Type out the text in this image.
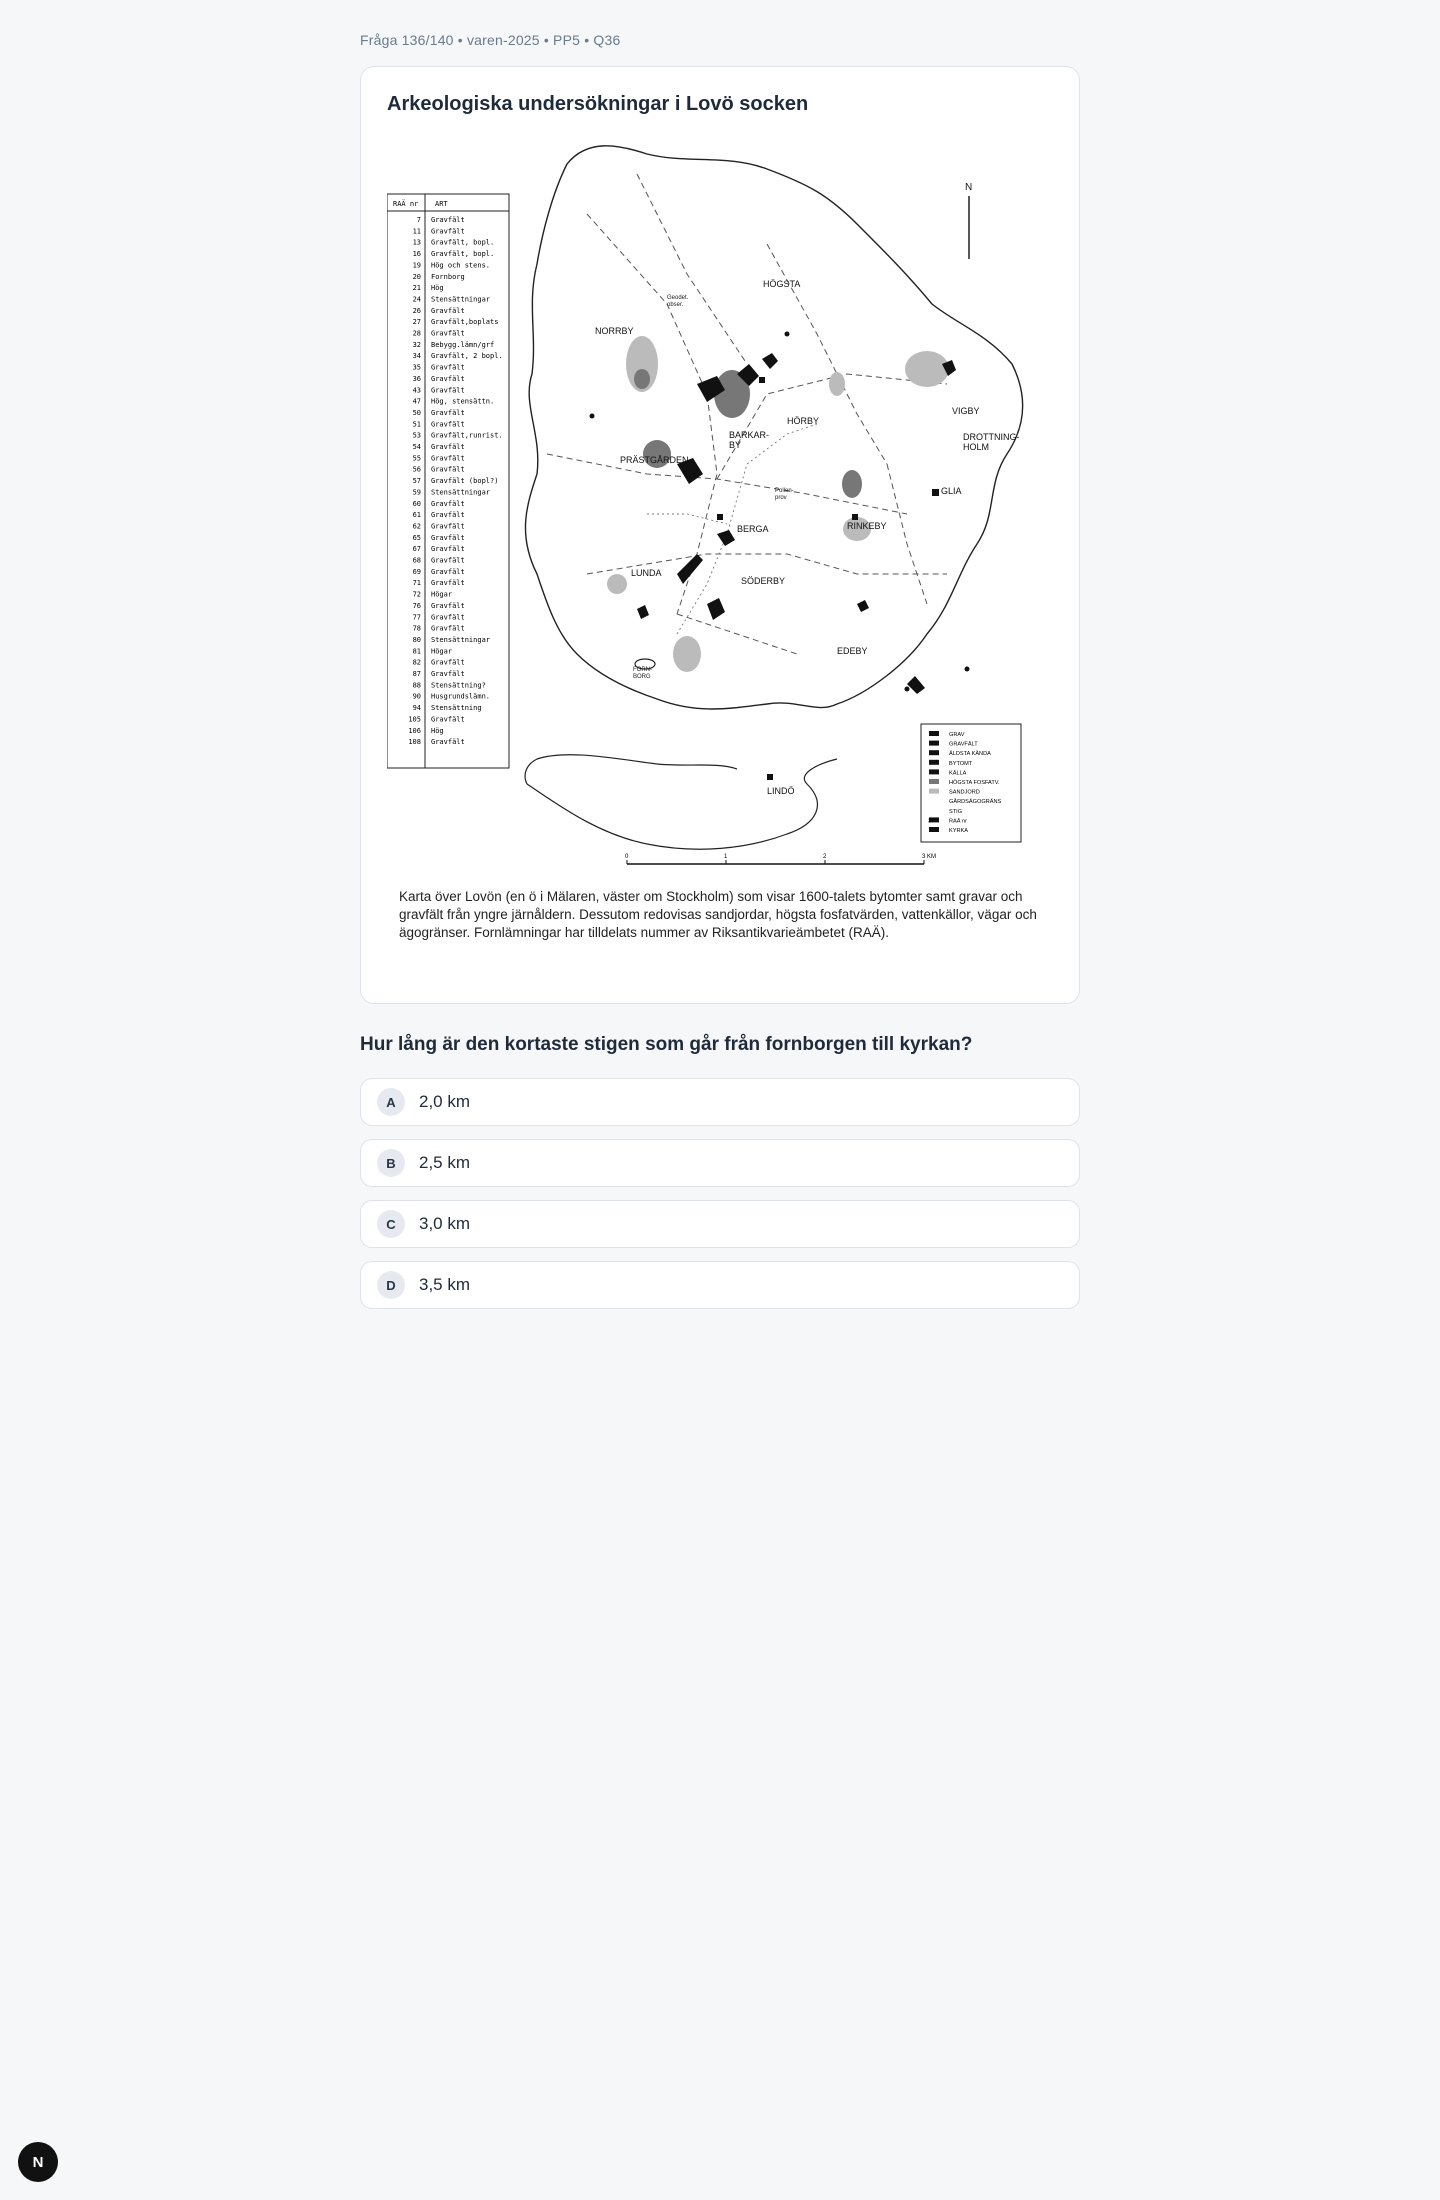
Fråga 136/140 • varen-2025 • PP5 • Q36
Arkeologiska undersökningar i Lovö socken
RAÄ nr ART
7 Gravfält
11 Gravfält
13 Gravfält, bopl.
16 Gravfält, bopl.
19 Hög och stens.
20 Fornborg
21 Hög
24 Stensättningar
26 Gravfält
27 Gravfält,boplats
28 Gravfält
32 Bebygg.lämn/grf
34 Gravfält, 2 bopl.
35 Gravfält
36 Gravfält
43 Gravfält
47 Hög, stensättn.
50 Gravfält
51 Gravfält
53 Gravfält,runrist.
54 Gravfält
55 Gravfält
56 Gravfält
57 Gravfält (bopl?)
59 Stensättningar
60 Gravfält
61 Gravfält
62 Gravfält
65 Gravfält
67 Gravfält
68 Gravfält
69 Gravfält
71 Gravfält
72 Högar
76 Gravfält
77 Gravfält
78 Gravfält
80 Stensättningar
81 Högar
82 Gravfält
87 Gravfält
88 Stensättning?
90 Husgrundslämn.
94 Stensättning
105 Gravfält
106 Hög
108 Gravfält
HÖGSTA
NORRBY
VIGBY
DROTTNING-
HOLM
BARKAR-
BY
HÖRBY
PRÄSTGÅRDEN
GLIA
BERGA	RINKEBY
LUNDA
SÖDERBY
EDEBY
LINDÖ
Geodet.
obser.
FORN-
BORG
Pollen-
prov
N
GRAV
GRAVFÄLT
ÄLDSTA KÄNDA
BYTOMT
KÄLLA
HÖGSTA FOSFATV.
SANDJORD
GÅRDSÄGOGRÄNS
STIG
RAÄ nr
KYRKA
37
0	1	2	3 KM
Karta över Lovön (en ö i Mälaren, väster om Stockholm) som visar 1600-talets bytomter samt gravar och gravfält från yngre järnåldern. Dessutom redovisas sandjordar, högsta fosfatvärden, vattenkällor, vägar och ägogränser. Fornlämningar har tilldelats nummer av Riksantikvarieämbetet (RAÄ).
Hur lång är den kortaste stigen som går från fornborgen till kyrkan?
A	2,0 km
B	2,5 km
C	3,0 km
D	3,5 km
N
